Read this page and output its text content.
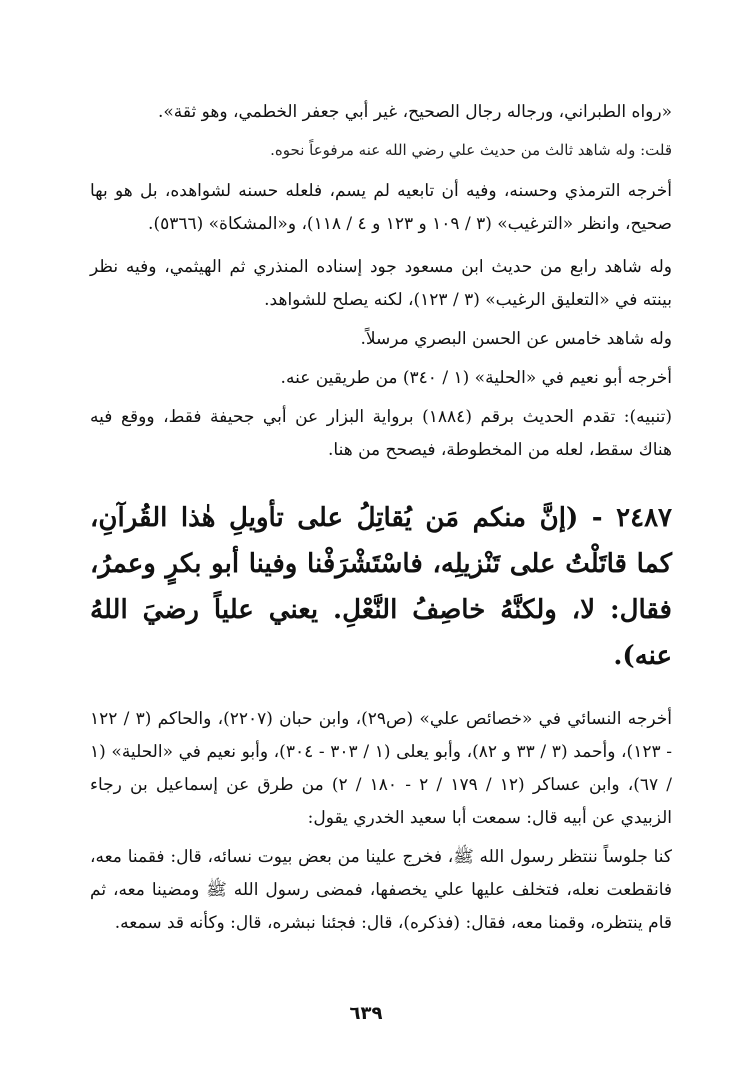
«رواه الطبراني، ورجاله رجال الصحيح، غير أبي جعفر الخطمي، وهو ثقة».

قلت: وله شاهد ثالث من حديث علي رضي الله عنه مرفوعاً نحوه.

أخرجه الترمذي وحسنه، وفيه أن تابعيه لم يسم، فلعله حسنه لشواهده، بل هو بها صحيح، وانظر «الترغيب» (٣ / ١٠٩ و ١٢٣ و ٤ / ١١٨)، و«المشكاة» (٥٣٦٦).

وله شاهد رابع من حديث ابن مسعود جود إسناده المنذري ثم الهيثمي، وفيه نظر بينته في «التعليق الرغيب» (٣ / ١٢٣)، لكنه يصلح للشواهد.

وله شاهد خامس عن الحسن البصري مرسلاً.

أخرجه أبو نعيم في «الحلية» (١ / ٣٤٠) من طريقين عنه.

(تنبيه): تقدم الحديث برقم (١٨٨٤) برواية البزار عن أبي جحيفة فقط، ووقع فيه هناك سقط، لعله من المخطوطة، فيصحح من هنا.

٢٤٨٧ - (إنَّ منكم مَن يُقاتِلُ على تأويلِ هٰذا القُرآنِ، كما قاتَلْتُ على تَنْزيلِه، فاسْتَشْرَفْنا وفينا أبو بكرٍ وعمرُ، فقال: لا، ولكنَّهُ خاصِفُ النَّعْلِ. يعني علياً رضيَ اللهُ عنه).

أخرجه النسائي في «خصائص علي» (ص٢٩)، وابن حبان (٢٢٠٧)، والحاكم (٣ / ١٢٢ - ١٢٣)، وأحمد (٣ / ٣٣ و ٨٢)، وأبو يعلى (١ / ٣٠٣ - ٣٠٤)، وأبو نعيم في «الحلية» (١ / ٦٧)، وابن عساكر (١٢ / ١٧٩ / ٢ - ١٨٠ / ٢) من طرق عن إسماعيل بن رجاء الزبيدي عن أبيه قال: سمعت أبا سعيد الخدري يقول:

كنا جلوساً ننتظر رسول الله ﷺ، فخرج علينا من بعض بيوت نسائه، قال: فقمنا معه، فانقطعت نعله، فتخلف عليها علي يخصفها، فمضى رسول الله ﷺ ومضينا معه، ثم قام ينتظره، وقمنا معه، فقال: (فذكره)، قال: فجئنا نبشره، قال: وكأنه قد سمعه.

٦٣٩
